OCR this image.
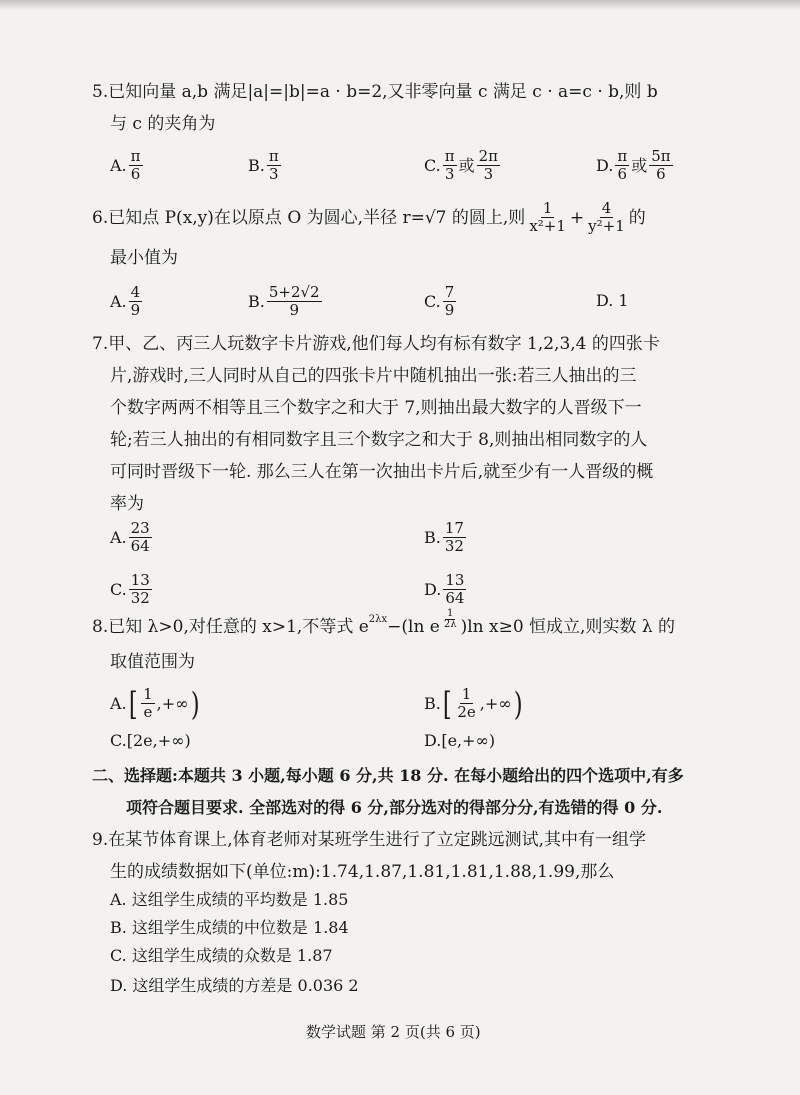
5.已知向量 a,b 满足|a|=|b|=a · b=2,又非零向量 c 满足 c · a=c · b,则 b
与 c 的夹角为
A. $\frac{\pi}{6}$	B. $\frac{\pi}{3}$	C. $\frac{\pi}{3}$ 或 $\frac{2\pi}{3}$	D. $\frac{\pi}{6}$ 或 $\frac{5\pi}{6}$
6.已知点 P(x,y)在以原点 O 为圆心,半径 r=√7 的圆上,则 $\frac{1}{\text{x²+1}} + \frac{4}{\text{y²+1}}$ 的
最小值为
A. $\frac{4}{9}$	B. $\frac{5+2√2}{9}$	C. $\frac{7}{9}$	D. 1
7.甲、乙、丙三人玩数字卡片游戏,他们每人均有标有数字 1,2,3,4 的四张卡
片,游戏时,三人同时从自己的四张卡片中随机抽出一张:若三人抽出的三
个数字两两不相等且三个数字之和大于 7,则抽出最大数字的人晋级下一
轮;若三人抽出的有相同数字且三个数字之和大于 8,则抽出相同数字的人
可同时晋级下一轮. 那么三人在第一次抽出卡片后,就至少有一人晋级的概
率为
A. $\frac{23}{64}$	B. $\frac{17}{32}$
C. $\frac{13}{32}$	D. $\frac{13}{64}$
8.已知 λ>0,对任意的 x>1,不等式 $e^{2\lambda x} -(\ln$ e $\frac{1}{2\lambda} )\ln$ x≥0 恒成立,则实数 λ 的
取值范围为
A. [ $\frac{1}{e}$ ,+∞ )	B. [ $\frac{1}{2e}$ ,+∞ )
C.[2e,+∞)	D.[e,+∞)
二、选择题:本题共 3 小题,每小题 6 分,共 18 分. 在每小题给出的四个选项中,有多
项符合题目要求. 全部选对的得 6 分,部分选对的得部分分,有选错的得 0 分.
9.在某节体育课上,体育老师对某班学生进行了立定跳远测试,其中有一组学
生的成绩数据如下(单位:m):1.74,1.87,1.81,1.81,1.88,1.99,那么
A. 这组学生成绩的平均数是 1.85
B. 这组学生成绩的中位数是 1.84
C. 这组学生成绩的众数是 1.87
D. 这组学生成绩的方差是 0.036 2
数学试题 第 2 页(共 6 页)
